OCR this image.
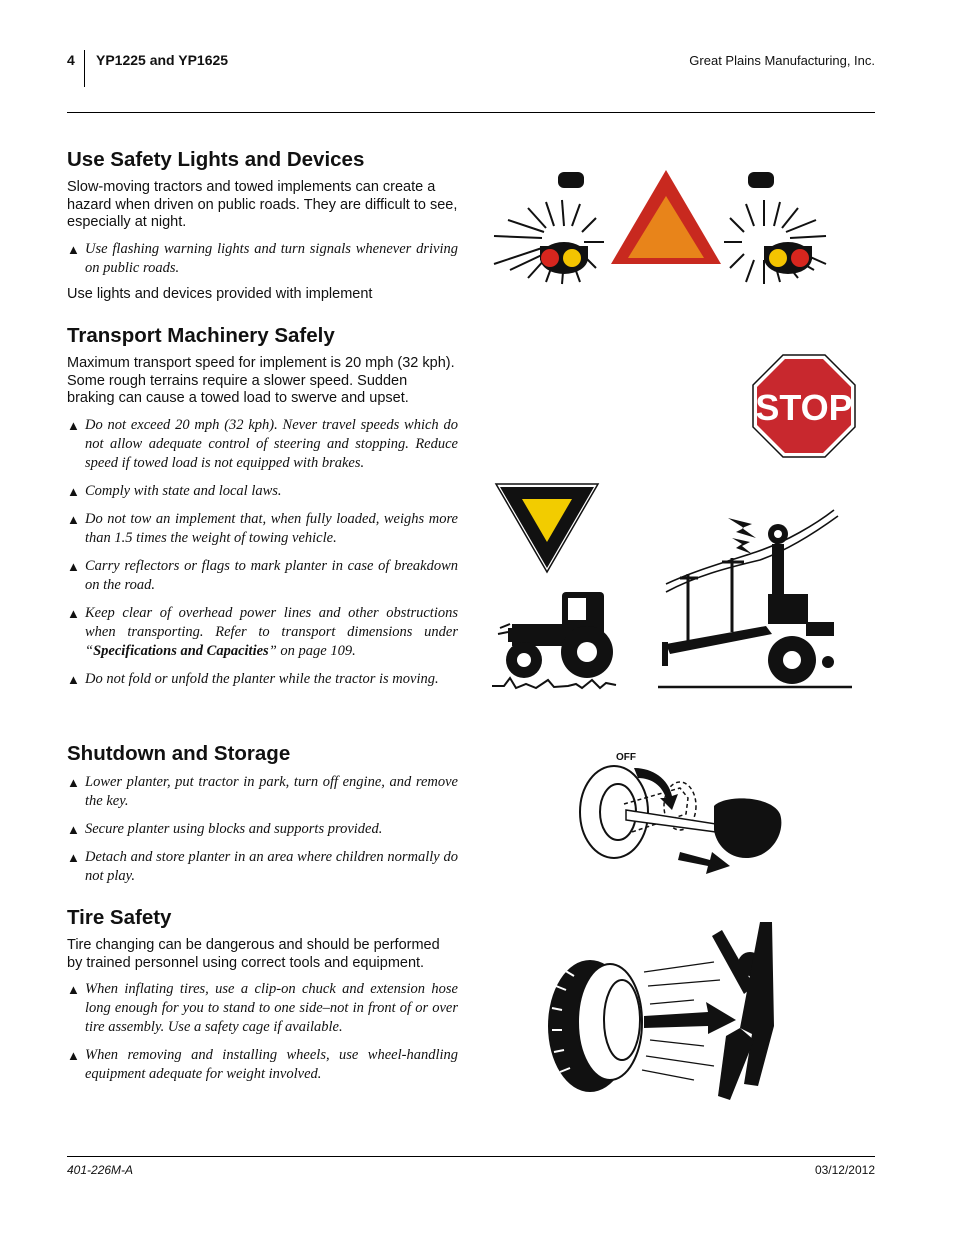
4 YP1225 and YP1625	Great Plains Manufacturing, Inc.
Use Safety Lights and Devices

Slow-moving tractors and towed implements can create a hazard when driven on public roads. They are difficult to see, especially at night.

▲ Use flashing warning lights and turn signals whenever driving on public roads.

Use lights and devices provided with implement

Transport Machinery Safely

Maximum transport speed for implement is 20 mph (32 kph). Some rough terrains require a slower speed. Sudden braking can cause a towed load to swerve and upset.

▲ Do not exceed 20 mph (32 kph). Never travel speeds which do not allow adequate control of steering and stopping. Reduce speed if towed load is not equipped with brakes.

▲ Comply with state and local laws.

▲ Do not tow an implement that, when fully loaded, weighs more than 1.5 times the weight of towing vehicle.

▲ Carry reflectors or flags to mark planter in case of breakdown on the road.

▲ Keep clear of overhead power lines and other obstructions when transporting. Refer to transport dimensions under “Specifications and Capacities” on page 109.

▲ Do not fold or unfold the planter while the tractor is moving.

Shutdown and Storage

▲ Lower planter, put tractor in park, turn off engine, and remove the key.

▲ Secure planter using blocks and supports provided.

▲ Detach and store planter in an area where children normally do not play.

Tire Safety

Tire changing can be dangerous and should be performed by trained personnel using correct tools and equipment.

▲ When inflating tires, use a clip-on chuck and extension hose long enough for you to stand to one side–not in front of or over tire assembly. Use a safety cage if available.

▲ When removing and installing wheels, use wheel-handling equipment adequate for weight involved.

STOP
OFF
401-226M-A	03/12/2012
